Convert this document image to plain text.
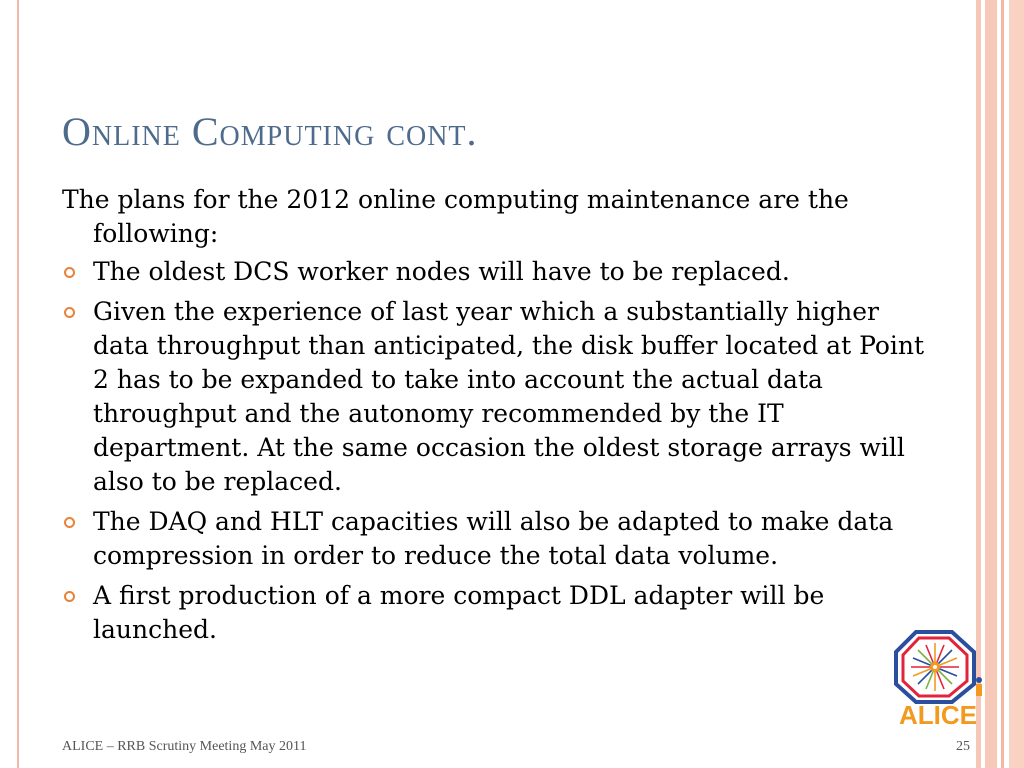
Online Computing cont.
The plans for the 2012 online computing maintenance are the following:
The oldest DCS worker nodes will have to be replaced.
Given the experience of last year which a substantially higher data throughput than anticipated, the disk buffer located at Point 2 has to be expanded to take into account the actual data throughput and the autonomy recommended by the IT department. At the same occasion the oldest storage arrays will also to be replaced.
The DAQ and HLT capacities will also be adapted to make data compression in order to reduce the total data volume.
A first production of a more compact DDL adapter will be launched.
ALICE
ALICE – RRB Scrutiny Meeting May 2011	25
